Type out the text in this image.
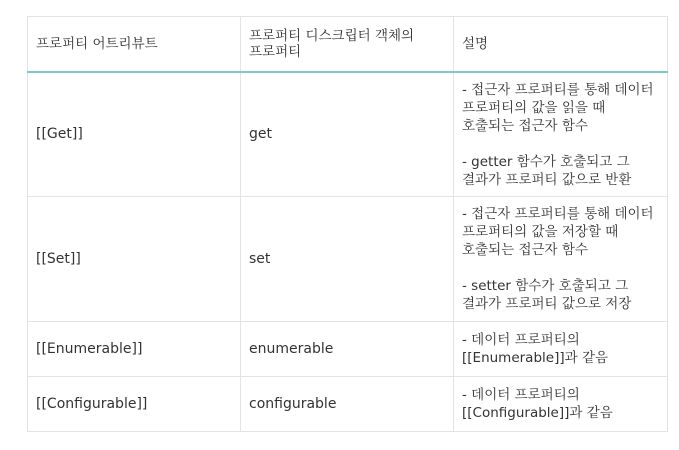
프로퍼티 어트리뷰트	프로퍼티 디스크립터 객체의 프로퍼티	설명
[[Get]]	get	- 접근자 프로퍼티를 통해 데이터 프로퍼티의 값을 읽을 때 호출되는 접근자 함수
- getter 함수가 호출되고 그 결과가 프로퍼티 값으로 반환

[[Set]]	set	- 접근자 프로퍼티를 통해 데이터 프로퍼티의 값을 저장할 때 호출되는 접근자 함수
- setter 함수가 호출되고 그 결과가 프로퍼티 값으로 저장

[[Enumerable]]	enumerable	- 데이터 프로퍼티의 [[Enumerable]]과 같음

[[Configurable]]	configurable	- 데이터 프로퍼티의 [[Configurable]]과 같음
